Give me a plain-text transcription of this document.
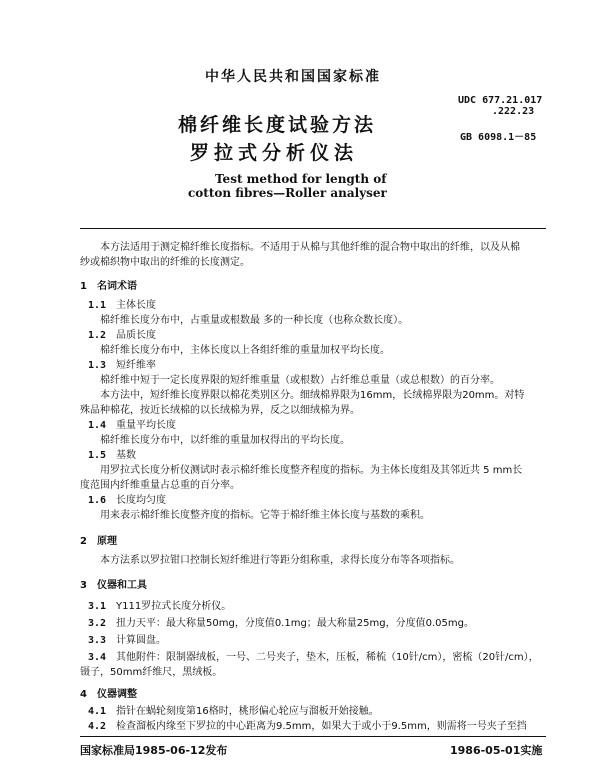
中华人民共和国国家标准
UDC 677.21.017
.222.23
GB 6098.1－85
棉纤维长度试验方法
罗拉式分析仪法
Test method for length of
cotton fibres—Roller analyser
本方法适用于测定棉纤维长度指标。不适用于从棉与其他纤维的混合物中取出的纤维，以及从棉
纱或棉织物中取出的纤维的长度测定。
1　名词术语
1.1 主体长度
棉纤维长度分布中，占重量或根数最 多的一种长度（也称众数长度）。
1.2 品质长度
棉纤维长度分布中，主体长度以上各组纤维的重量加权平均长度。
1.3 短纤维率
棉纤维中短于一定长度界限的短纤维重量（或根数）占纤维总重量（或总根数）的百分率。
本方法中，短纤维长度界限以棉花类别区分。细绒棉界限为16mm，长绒棉界限为20mm。对特
殊品种棉花，按近长绒棉的以长绒棉为界，反之以细绒棉为界。
1.4 重量平均长度
棉纤维长度分布中，以纤维的重量加权得出的平均长度。
1.5 基数
用罗拉式长度分析仪测试时表示棉纤维长度整齐程度的指标。为主体长度组及其邻近共 5 mm长
度范围内纤维重量占总重的百分率。
1.6 长度均匀度
用来表示棉纤维长度整齐度的指标。它等于棉纤维主体长度与基数的乘积。
2　原理
本方法系以罗拉钳口控制长短纤维进行等距分组称重，求得长度分布等各项指标。
3　仪器和工具
3.1 Y111罗拉式长度分析仪。
3.2 扭力天平：最大称量50mg，分度值0.1mg；最大称量25mg，分度值0.05mg。
3.3 计算圆盘。
3.4 其他附件：限制器绒板，一号、二号夹子，垫木，压板，稀梳（10针/cm），密梳（20针/cm），
镊子，50mm纤维尺，黑绒板。
4　仪器调整
4.1 指针在蜗轮刻度第16格时，桃形偏心轮应与溜板开始接触。
4.2 检查溜板内缘至下罗拉的中心距离为9.5mm，如果大于或小于9.5mm，则需将一号夹子至挡
国家标准局1985-06-12发布	1986-05-01实施
